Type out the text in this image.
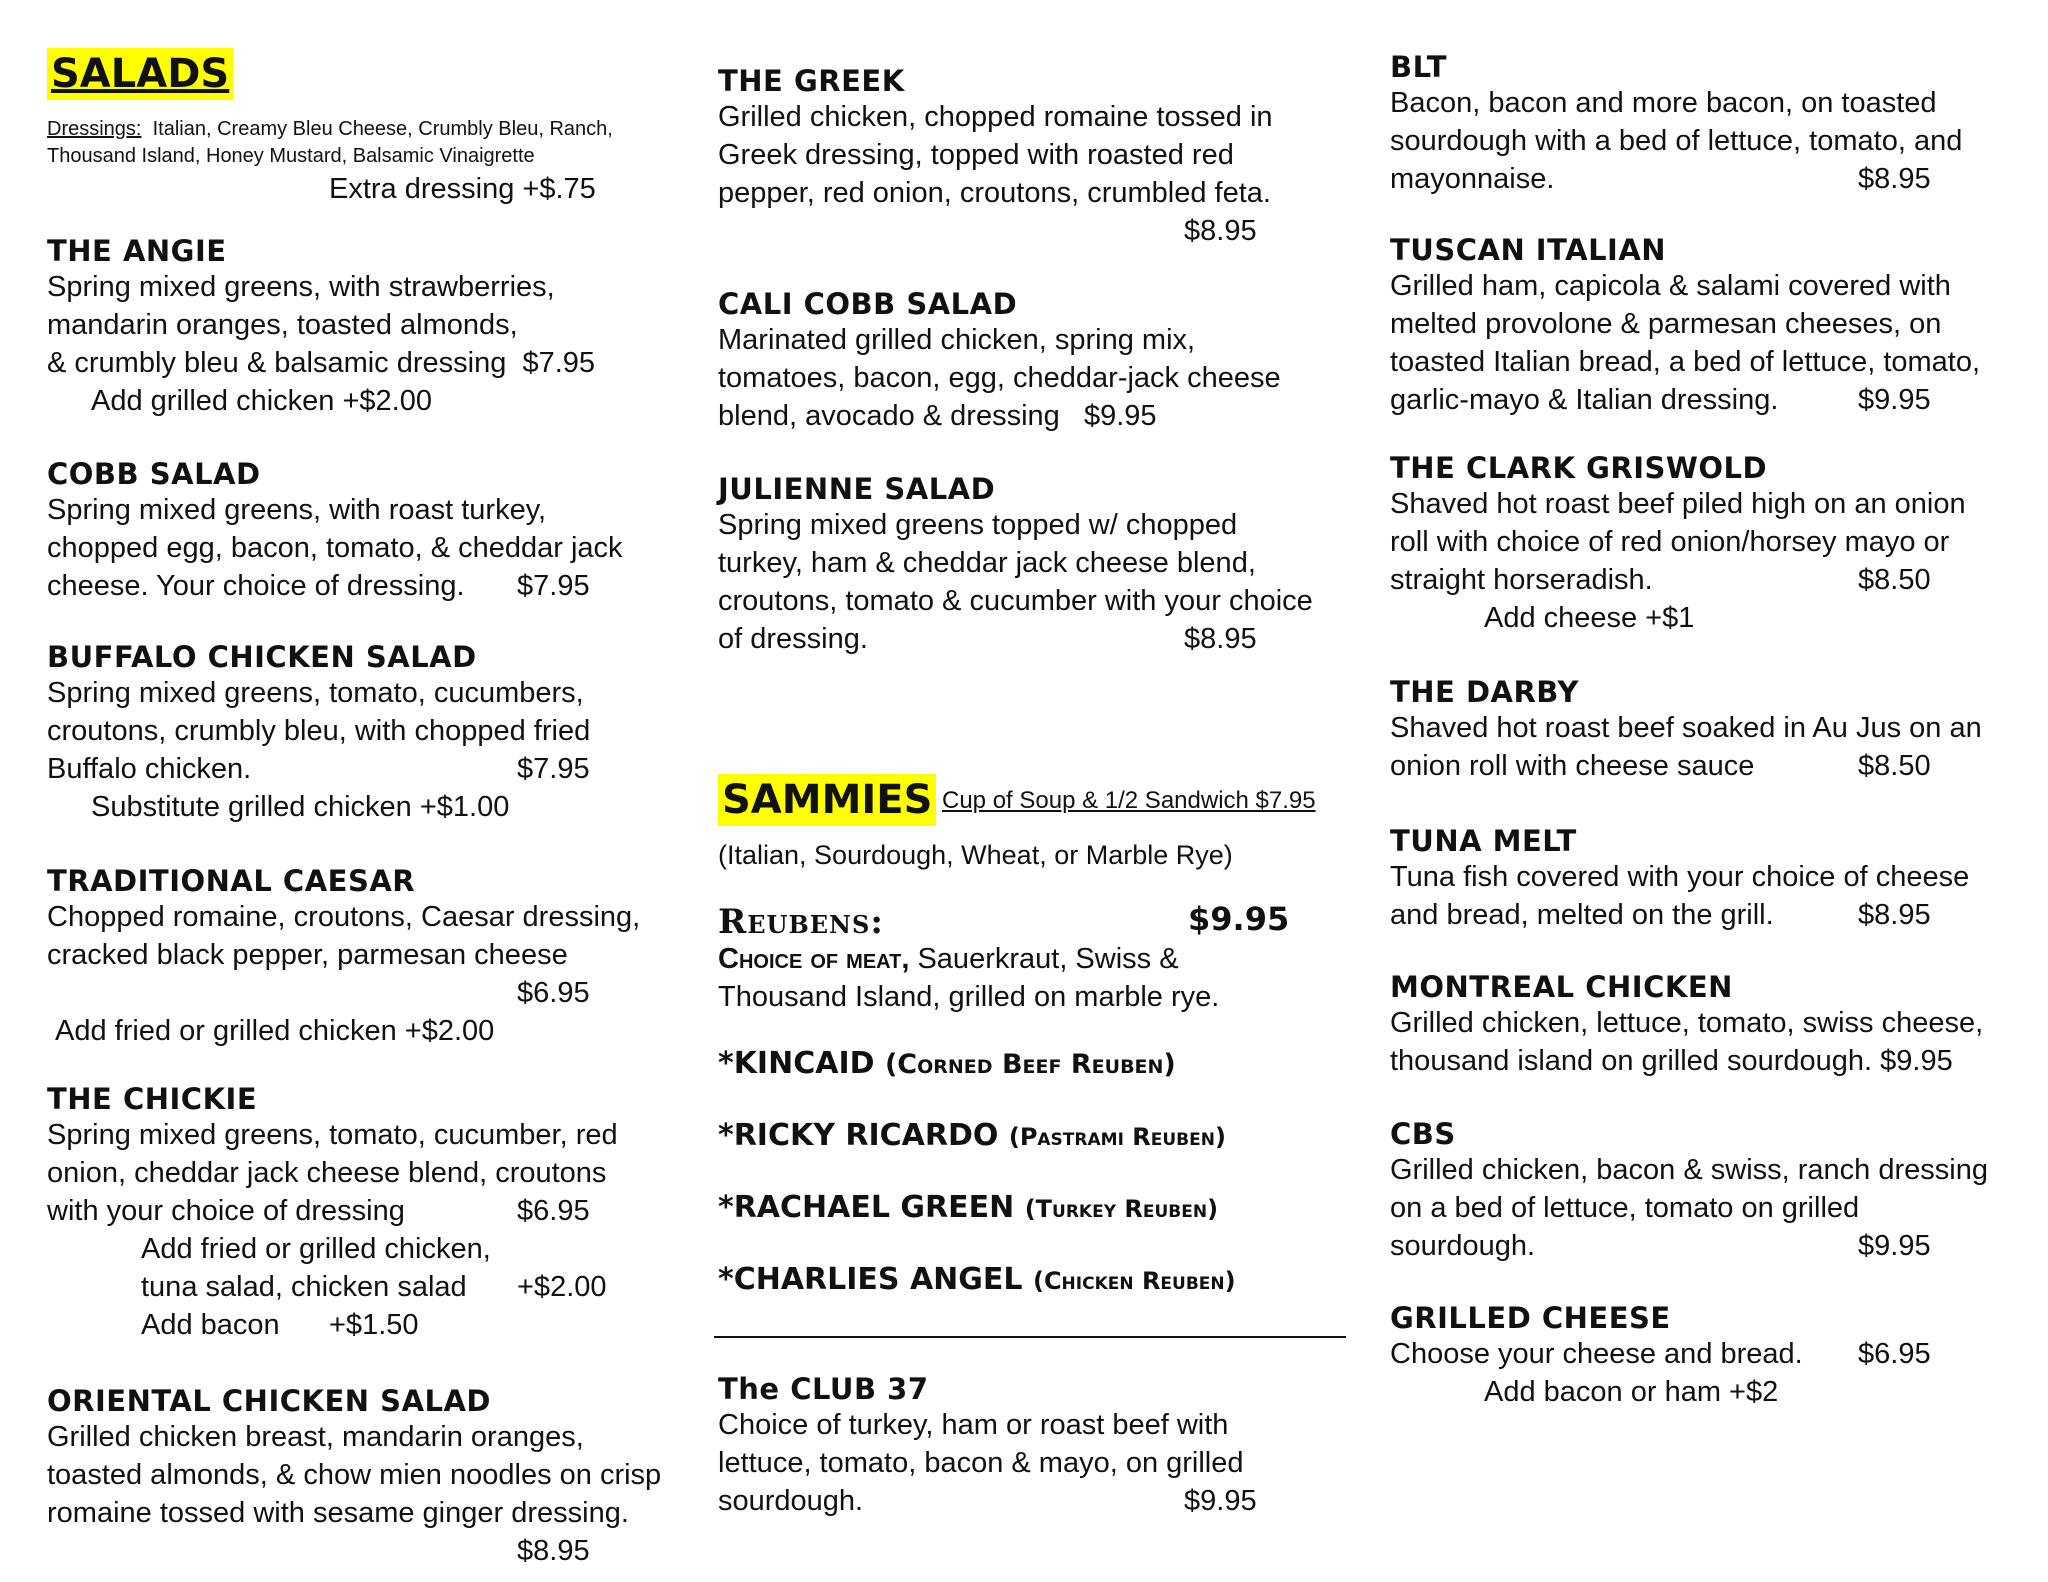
SALADS
Dressings: Italian, Creamy Bleu Cheese, Crumbly Bleu, Ranch,
Thousand Island, Honey Mustard, Balsamic Vinaigrette
Extra dressing +$.75
THE ANGIE
Spring mixed greens, with strawberries,
mandarin oranges, toasted almonds,
& crumbly bleu & balsamic dressing $7.95
Add grilled chicken +$2.00
COBB SALAD
Spring mixed greens, with roast turkey,
chopped egg, bacon, tomato, & cheddar jack
cheese. Your choice of dressing. $7.95
BUFFALO CHICKEN SALAD
Spring mixed greens, tomato, cucumbers,
croutons, crumbly bleu, with chopped fried
Buffalo chicken.	$7.95
Substitute grilled chicken +$1.00
TRADITIONAL CAESAR
Chopped romaine, croutons, Caesar dressing,
cracked black pepper, parmesan cheese
$6.95
Add fried or grilled chicken +$2.00
THE CHICKIE
Spring mixed greens, tomato, cucumber, red
onion, cheddar jack cheese blend, croutons
with your choice of dressing	$6.95
Add fried or grilled chicken,
tuna salad, chicken salad +$2.00
Add bacon +$1.50
ORIENTAL CHICKEN SALAD
Grilled chicken breast, mandarin oranges,
toasted almonds, & chow mien noodles on crisp
romaine tossed with sesame ginger dressing.
$8.95
THE GREEK
Grilled chicken, chopped romaine tossed in
Greek dressing, topped with roasted red
pepper, red onion, croutons, crumbled feta.
$8.95
CALI COBB SALAD
Marinated grilled chicken, spring mix,
tomatoes, bacon, egg, cheddar-jack cheese
blend, avocado & dressing $9.95
JULIENNE SALAD
Spring mixed greens topped w/ chopped
turkey, ham & cheddar jack cheese blend,
croutons, tomato & cucumber with your choice
of dressing.	$8.95
SAMMIES Cup of Soup & 1/2 Sandwich $7.95
(Italian, Sourdough, Wheat, or Marble Rye)
Reubens:	$9.95
Choice of meat, Sauerkraut, Swiss &
Thousand Island, grilled on marble rye.
*KINCAID (Corned Beef Reuben)
*RICKY RICARDO (Pastrami Reuben)
*RACHAEL GREEN (Turkey Reuben)
*CHARLIES ANGEL (Chicken Reuben)
The CLUB 37
Choice of turkey, ham or roast beef with
lettuce, tomato, bacon & mayo, on grilled
sourdough.	$9.95
BLT
Bacon, bacon and more bacon, on toasted
sourdough with a bed of lettuce, tomato, and
mayonnaise.	$8.95
TUSCAN ITALIAN
Grilled ham, capicola & salami covered with
melted provolone & parmesan cheeses, on
toasted Italian bread, a bed of lettuce, tomato,
garlic-mayo & Italian dressing.	$9.95
THE CLARK GRISWOLD
Shaved hot roast beef piled high on an onion
roll with choice of red onion/horsey mayo or
straight horseradish.	$8.50
Add cheese +$1
THE DARBY
Shaved hot roast beef soaked in Au Jus on an
onion roll with cheese sauce	$8.50
TUNA MELT
Tuna fish covered with your choice of cheese
and bread, melted on the grill.	$8.95
MONTREAL CHICKEN
Grilled chicken, lettuce, tomato, swiss cheese,
thousand island on grilled sourdough. $9.95
CBS
Grilled chicken, bacon & swiss, ranch dressing
on a bed of lettuce, tomato on grilled
sourdough.	$9.95
GRILLED CHEESE
Choose your cheese and bread. $6.95
Add bacon or ham +$2
